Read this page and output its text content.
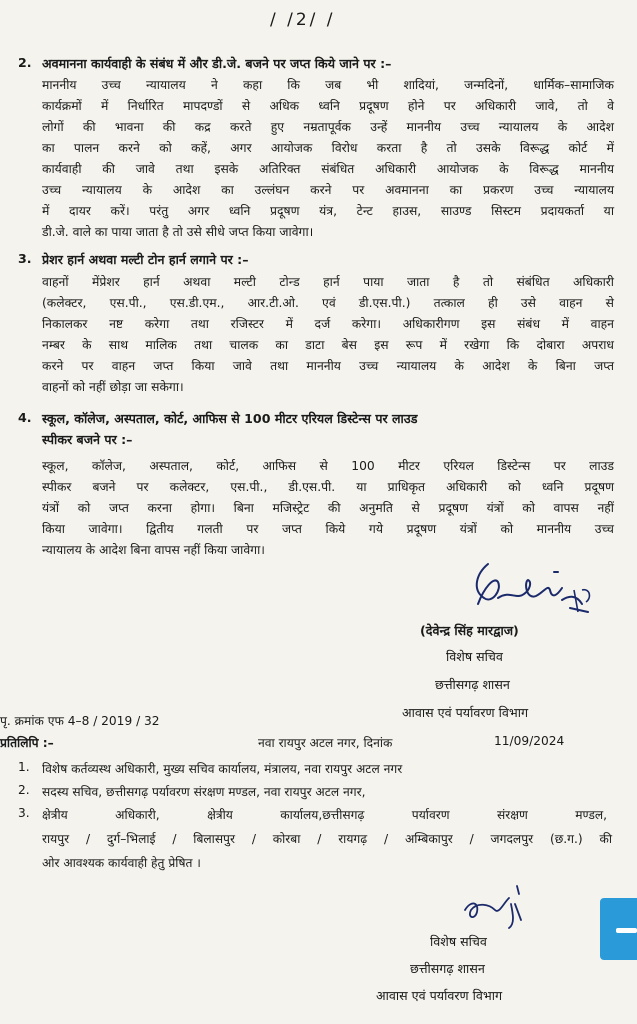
/ /2/ /

2. अवमानना कार्यवाही के संबंध में और डी.जे. बजने पर जप्त किये जाने पर :–

माननीय उच्च न्यायालय ने कहा कि जब भी शादियां, जन्मदिनों, धार्मिक–सामाजिक

कार्यक्रमों में निर्धारित मापदण्डों से अधिक ध्वनि प्रदूषण होने पर अधिकारी जावे, तो वे

लोगों की भावना की कद्र करते हुए नम्रतापूर्वक उन्हें माननीय उच्च न्यायालय के आदेश

का पालन करने को कहें, अगर आयोजक विरोध करता है तो उसके विरूद्ध कोर्ट में

कार्यवाही की जावे तथा इसके अतिरिक्त संबंधित अधिकारी आयोजक के विरूद्ध माननीय

उच्च न्यायालय के आदेश का उल्लंघन करने पर अवमानना का प्रकरण उच्च न्यायालय

में दायर करें। परंतु अगर ध्वनि प्रदूषण यंत्र, टेन्ट हाउस, साउण्ड सिस्टम प्रदायकर्ता या

डी.जे. वाले का पाया जाता है तो उसे सीधे जप्त किया जावेगा।

3. प्रेशर हार्न अथवा मल्टी टोन हार्न लगाने पर :–

वाहनों मेंप्रेशर हार्न अथवा मल्टी टोन्ड हार्न पाया जाता है तो संबंधित अधिकारी

(कलेक्टर, एस.पी., एस.डी.एम., आर.टी.ओ. एवं डी.एस.पी.) तत्काल ही उसे वाहन से

निकालकर नष्ट करेगा तथा रजिस्टर में दर्ज करेगा। अधिकारीगण इस संबंध में वाहन

नम्बर के साथ मालिक तथा चालक का डाटा बेस इस रूप में रखेगा कि दोबारा अपराध

करने पर वाहन जप्त किया जावे तथा माननीय उच्च न्यायालय के आदेश के बिना जप्त

वाहनों को नहीं छोड़ा जा सकेगा।

4. स्कूल, कॉलेज, अस्पताल, कोर्ट, आफिस से 100 मीटर एरियल डिस्टेन्स पर लाउड

स्पीकर बजने पर :–

स्कूल, कॉलेज, अस्पताल, कोर्ट, आफिस से 100 मीटर एरियल डिस्टेन्स पर लाउड

स्पीकर बजने पर कलेक्टर, एस.पी., डी.एस.पी. या प्राधिकृत अधिकारी को ध्वनि प्रदूषण

यंत्रों को जप्त करना होगा। बिना मजिस्ट्रेट की अनुमति से प्रदूषण यंत्रों को वापस नहीं

किया जावेगा। द्वितीय गलती पर जप्त किये गये प्रदूषण यंत्रों को माननीय उच्च

न्यायालय के आदेश बिना वापस नहीं किया जावेगा।

(देवेन्द्र सिंह मारद्वाज)

विशेष सचिव

छत्तीसगढ़ शासन

आवास एवं पर्यावरण विभाग

पृ. क्रमांक एफ 4–8 / 2019 / 32

नवा रायपुर अटल नगर, दिनांक	11/09/2024

प्रतिलिपि :–

1. विशेष कर्तव्यस्थ अधिकारी, मुख्य सचिव कार्यालय, मंत्रालय, नवा रायपुर अटल नगर

2. सदस्य सचिव, छत्तीसगढ़ पर्यावरण संरक्षण मण्डल, नवा रायपुर अटल नगर,

3. क्षेत्रीय अधिकारी, क्षेत्रीय कार्यालय,छत्तीसगढ़ पर्यावरण संरक्षण मण्डल,

रायपुर / दुर्ग–भिलाई / बिलासपुर / कोरबा / रायगढ़ / अम्बिकापुर / जगदलपुर (छ.ग.) की

ओर आवश्यक कार्यवाही हेतु प्रेषित ।

विशेष सचिव

छत्तीसगढ़ शासन

आवास एवं पर्यावरण विभाग
